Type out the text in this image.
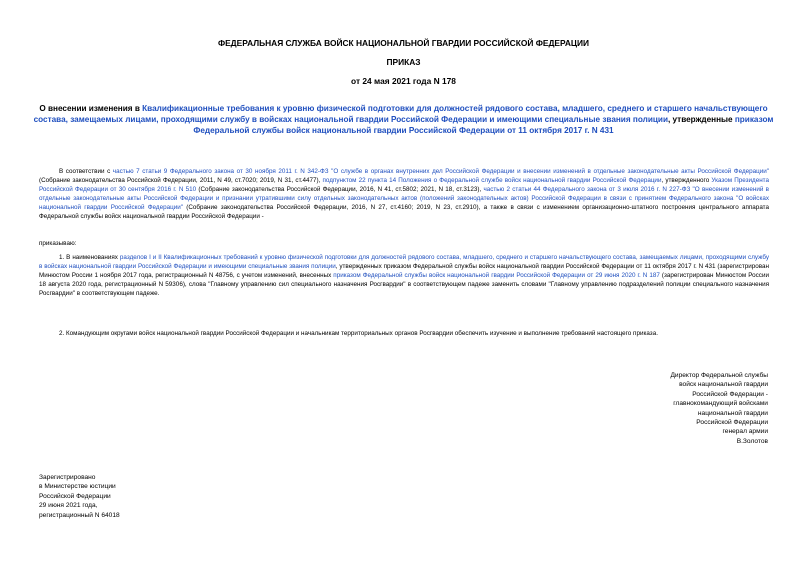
ФЕДЕРАЛЬНАЯ СЛУЖБА ВОЙСК НАЦИОНАЛЬНОЙ ГВАРДИИ РОССИЙСКОЙ ФЕДЕРАЦИИ
ПРИКАЗ
от 24 мая 2021 года N 178
О внесении изменения в Квалификационные требования к уровню физической подготовки для должностей рядового состава, младшего, среднего и старшего начальствующего состава, замещаемых лицами, проходящими службу в войсках национальной гвардии Российской Федерации и имеющими специальные звания полиции, утвержденные приказом Федеральной службы войск национальной гвардии Российской Федерации от 11 октября 2017 г. N 431
В соответствии с частью 7 статьи 9 Федерального закона от 30 ноября 2011 г. N 342-ФЗ "О службе в органах внутренних дел Российской Федерации и внесении изменений в отдельные законодательные акты Российской Федерации" (Собрание законодательства Российской Федерации, 2011, N 49, ст.7020; 2019, N 31, ст.4477), подпунктом 22 пункта 14 Положения о Федеральной службе войск национальной гвардии Российской Федерации, утвержденного Указом Президента Российской Федерации от 30 сентября 2016 г. N 510 (Собрание законодательства Российской Федерации, 2016, N 41, ст.5802; 2021, N 18, ст.3123), частью 2 статьи 44 Федерального закона от 3 июля 2016 г. N 227-ФЗ "О внесении изменений в отдельные законодательные акты Российской Федерации и признании утратившими силу отдельных законодательных актов (положений законодательных актов) Российской Федерации в связи с принятием Федерального закона "О войсках национальной гвардии Российской Федерации" (Собрание законодательства Российской Федерации, 2016, N 27, ст.4160; 2019, N 23, ст.2910), а также в связи с изменением организационно-штатного построения центрального аппарата Федеральной службы войск национальной гвардии Российской Федерации -
приказываю:
1. В наименованиях разделов I и II Квалификационных требований к уровню физической подготовки для должностей рядового состава, младшего, среднего и старшего начальствующего состава, замещаемых лицами, проходящими службу в войсках национальной гвардии Российской Федерации и имеющими специальные звания полиции, утвержденных приказом Федеральной службы войск национальной гвардии Российской Федерации от 11 октября 2017 г. N 431 (зарегистрирован Минюстом России 1 ноября 2017 года, регистрационный N 48756, с учетом изменений, внесенных приказом Федеральной службы войск национальной гвардии Российской Федерации от 29 июня 2020 г. N 187 (зарегистрирован Минюстом России 18 августа 2020 года, регистрационный N 59306), слова "Главному управлению сил специального назначения Росгвардии" в соответствующем падеже заменить словами "Главному управлению подразделений полиции специального назначения Росгвардии" в соответствующем падеже.
2. Командующим округами войск национальной гвардии Российской Федерации и начальникам территориальных органов Росгвардии обеспечить изучение и выполнение требований настоящего приказа.
Директор Федеральной службы
войск национальной гвардии
Российской Федерации -
главнокомандующий войсками
национальной гвардии
Российской Федерации
генерал армии
В.Золотов
Зарегистрировано
в Министерстве юстиции
Российской Федерации
29 июня 2021 года,
регистрационный N 64018
